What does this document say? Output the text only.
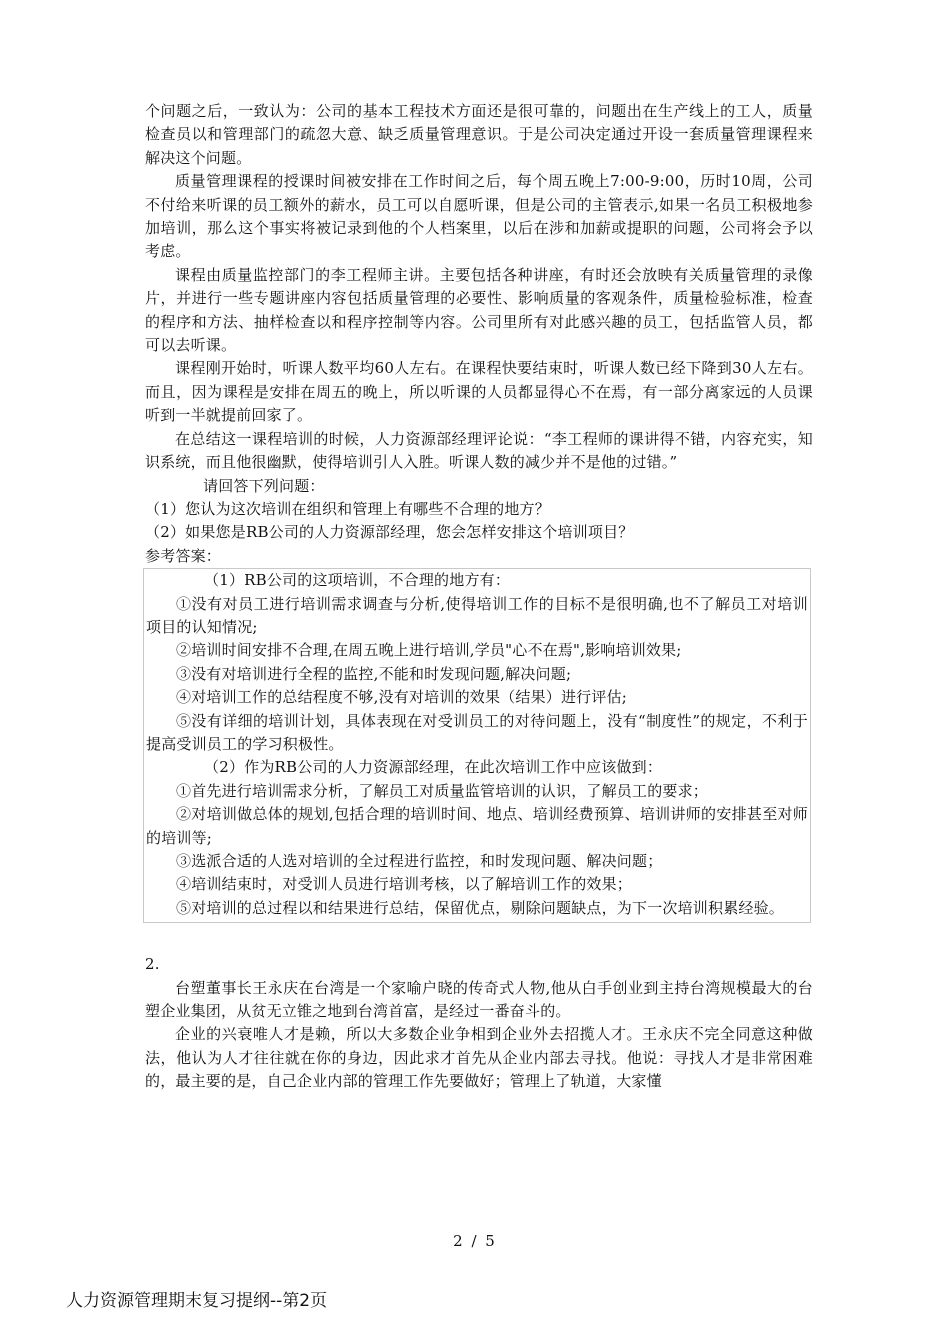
个问题之后，一致认为：公司的基本工程技术方面还是很可靠的，问题出在生产线上的工人，质量检查员以和管理部门的疏忽大意、缺乏质量管理意识。于是公司决定通过开设一套质量管理课程来解决这个问题。

质量管理课程的授课时间被安排在工作时间之后，每个周五晚上7:00-9:00，历时10周，公司不付给来听课的员工额外的薪水，员工可以自愿听课，但是公司的主管表示,如果一名员工积极地参加培训，那么这个事实将被记录到他的个人档案里，以后在涉和加薪或提职的问题，公司将会予以考虑。

课程由质量监控部门的李工程师主讲。主要包括各种讲座，有时还会放映有关质量管理的录像片，并进行一些专题讲座内容包括质量管理的必要性、影响质量的客观条件，质量检验标准，检查的程序和方法、抽样检查以和程序控制等内容。公司里所有对此感兴趣的员工，包括监管人员，都可以去听课。

课程刚开始时，听课人数平均60人左右。在课程快要结束时，听课人数已经下降到30人左右。而且，因为课程是安排在周五的晚上，所以听课的人员都显得心不在焉，有一部分离家远的人员课听到一半就提前回家了。

在总结这一课程培训的时候，人力资源部经理评论说：“李工程师的课讲得不错，内容充实，知识系统，而且他很幽默，使得培训引人入胜。听课人数的减少并不是他的过错。”

请回答下列问题：

（1）您认为这次培训在组织和管理上有哪些不合理的地方？

（2）如果您是RB公司的人力资源部经理，您会怎样安排这个培训项目？

参考答案：

（1）RB公司的这项培训，不合理的地方有：

①没有对员工进行培训需求调查与分析,使得培训工作的目标不是很明确,也不了解员工对培训项目的认知情况;

②培训时间安排不合理,在周五晚上进行培训,学员"心不在焉",影响培训效果;

③没有对培训进行全程的监控,不能和时发现问题,解决问题;

④对培训工作的总结程度不够,没有对培训的效果（结果）进行评估;

⑤没有详细的培训计划，具体表现在对受训员工的对待问题上，没有“制度性”的规定，不利于提高受训员工的学习积极性。

（2）作为RB公司的人力资源部经理，在此次培训工作中应该做到：

①首先进行培训需求分析，了解员工对质量监管培训的认识，了解员工的要求；

②对培训做总体的规划,包括合理的培训时间、地点、培训经费预算、培训讲师的安排甚至对师的培训等;

③选派合适的人选对培训的全过程进行监控，和时发现问题、解决问题；

④培训结束时，对受训人员进行培训考核，以了解培训工作的效果；

⑤对培训的总过程以和结果进行总结，保留优点，剔除问题缺点，为下一次培训积累经验。

2.

台塑董事长王永庆在台湾是一个家喻户晓的传奇式人物,他从白手创业到主持台湾规模最大的台塑企业集团，从贫无立锥之地到台湾首富，是经过一番奋斗的。

企业的兴衰唯人才是赖，所以大多数企业争相到企业外去招揽人才。王永庆不完全同意这种做法，他认为人才往往就在你的身边，因此求才首先从企业内部去寻找。他说：寻找人才是非常困难的，最主要的是，自己企业内部的管理工作先要做好；管理上了轨道，大家懂

2 / 5
人力资源管理期末复习提纲--第2页
